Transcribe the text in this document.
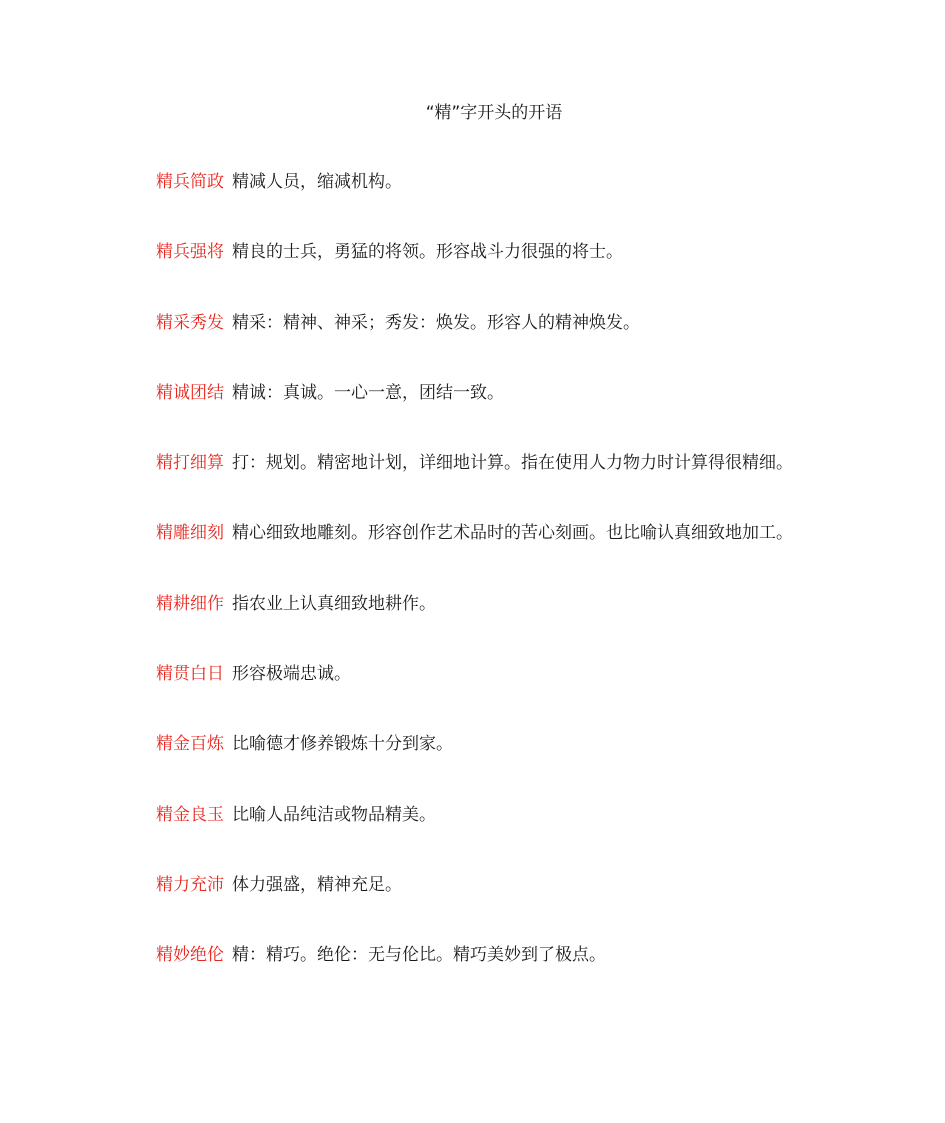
“精”字开头的开语
精兵简政 精减人员，缩减机构。
精兵强将 精良的士兵，勇猛的将领。形容战斗力很强的将士。
精采秀发 精采：精神、神采；秀发：焕发。形容人的精神焕发。
精诚团结 精诚：真诚。一心一意，团结一致。
精打细算 打：规划。精密地计划，详细地计算。指在使用人力物力时计算得很精细。
精雕细刻 精心细致地雕刻。形容创作艺术品时的苦心刻画。也比喻认真细致地加工。
精耕细作 指农业上认真细致地耕作。
精贯白日 形容极端忠诚。
精金百炼 比喻德才修养锻炼十分到家。
精金良玉 比喻人品纯洁或物品精美。
精力充沛 体力强盛，精神充足。
精妙绝伦 精：精巧。绝伦：无与伦比。精巧美妙到了极点。
